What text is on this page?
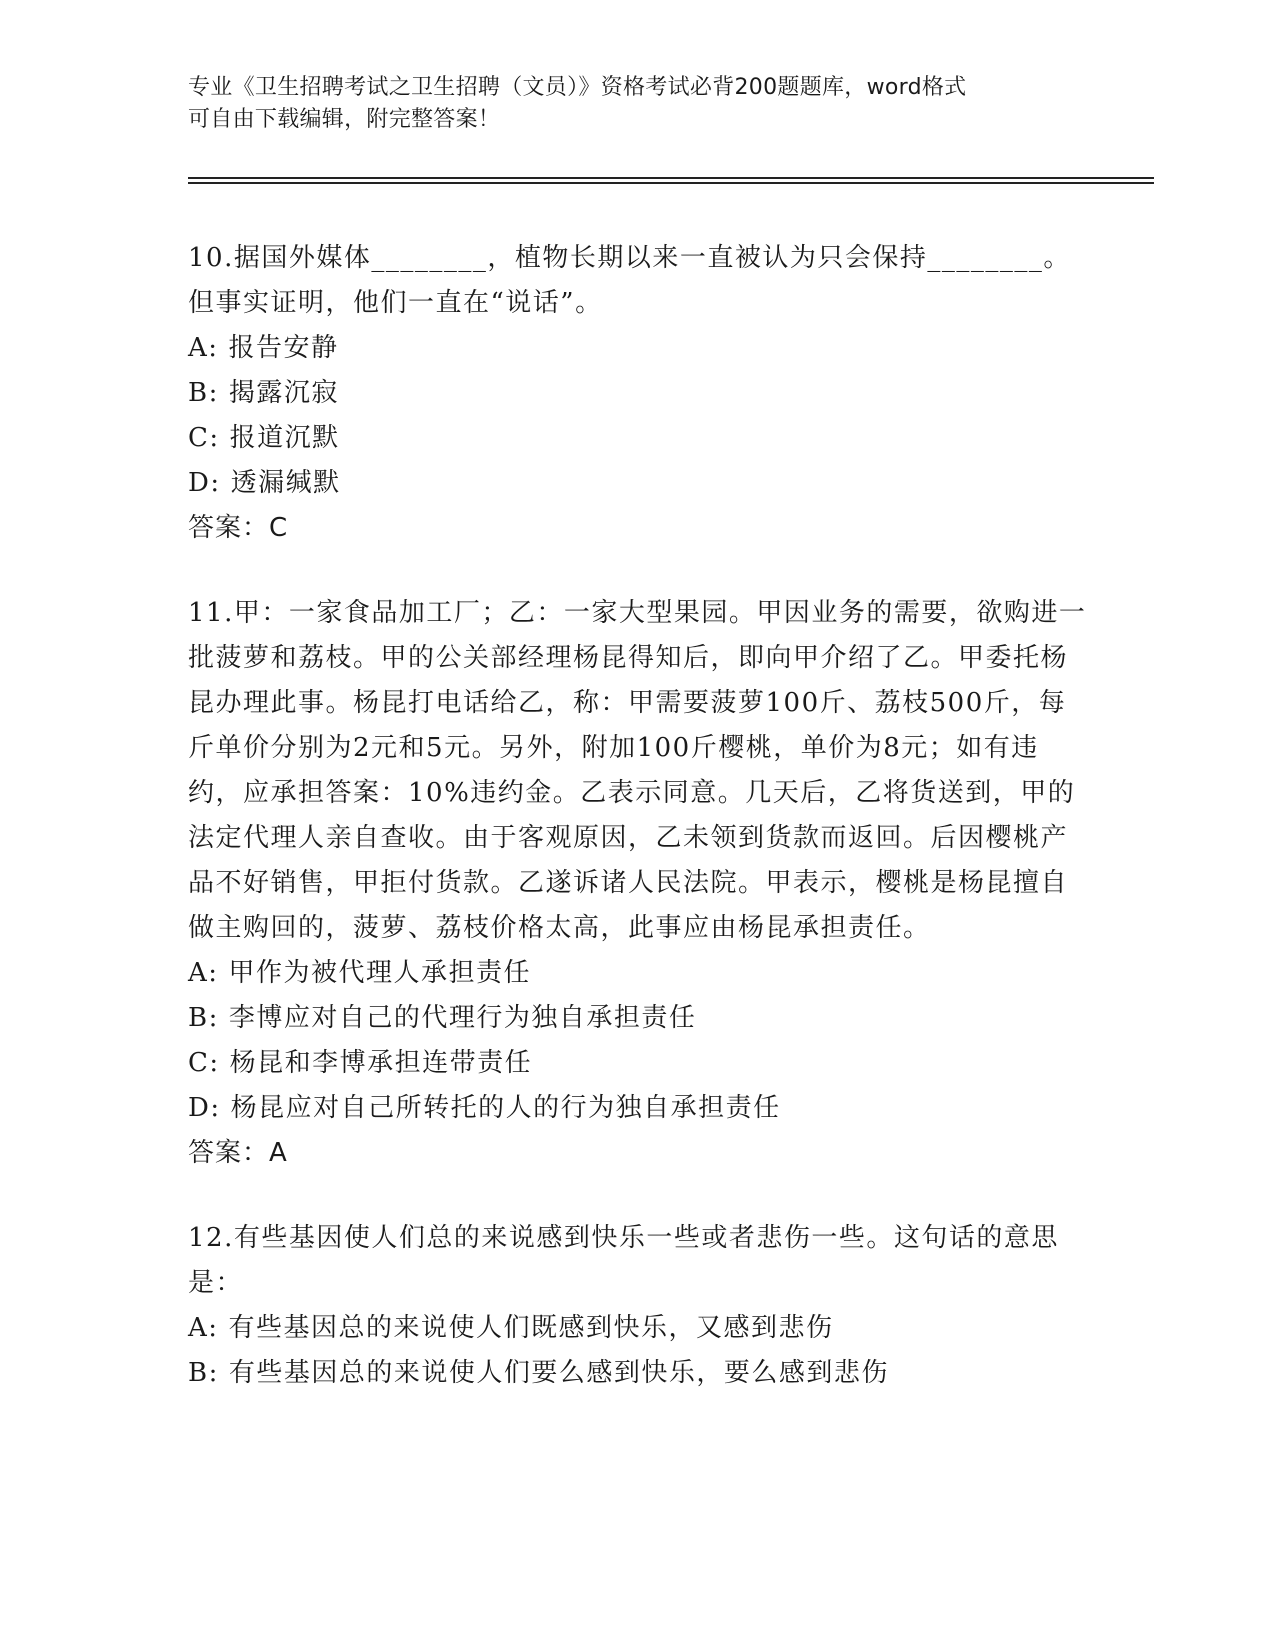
专业《卫生招聘考试之卫生招聘（文员）》资格考试必背200题题库，word格式
可自由下载编辑，附完整答案！
10.据国外媒体________，植物长期以来一直被认为只会保持________。但事实证明，他们一直在“说话”。
A: 报告安静
B: 揭露沉寂
C: 报道沉默
D: 透漏缄默
答案：C
11.甲：一家食品加工厂；乙：一家大型果园。甲因业务的需要，欲购进一批菠萝和荔枝。甲的公关部经理杨昆得知后，即向甲介绍了乙。甲委托杨昆办理此事。杨昆打电话给乙，称：甲需要菠萝100斤、荔枝500斤，每斤单价分别为2元和5元。另外，附加100斤樱桃，单价为8元；如有违约，应承担答案：10%违约金。乙表示同意。几天后，乙将货送到，甲的法定代理人亲自查收。由于客观原因，乙未领到货款而返回。后因樱桃产品不好销售，甲拒付货款。乙遂诉诸人民法院。甲表示，樱桃是杨昆擅自做主购回的，菠萝、荔枝价格太高，此事应由杨昆承担责任。
A: 甲作为被代理人承担责任
B: 李博应对自己的代理行为独自承担责任
C: 杨昆和李博承担连带责任
D: 杨昆应对自己所转托的人的行为独自承担责任
答案：A
12.有些基因使人们总的来说感到快乐一些或者悲伤一些。这句话的意思是：
A: 有些基因总的来说使人们既感到快乐，又感到悲伤
B: 有些基因总的来说使人们要么感到快乐，要么感到悲伤
